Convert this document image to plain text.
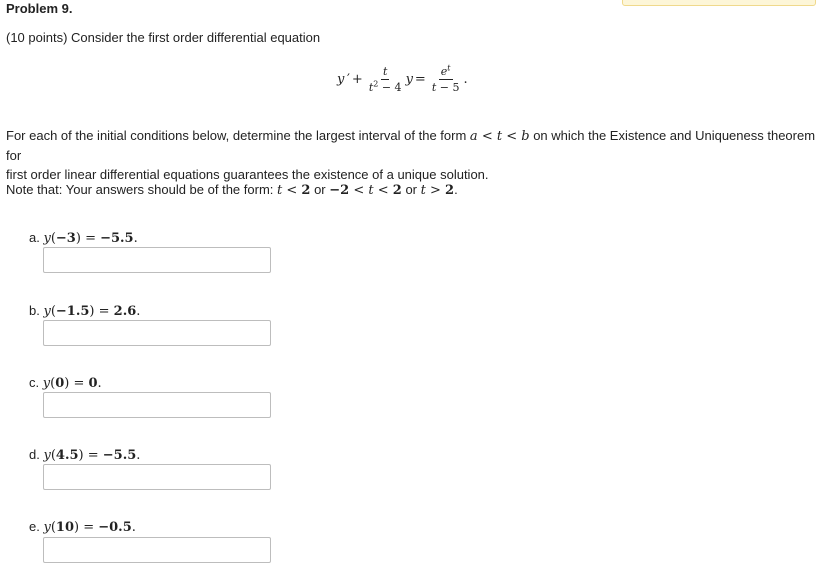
Problem 9.
(10 points) Consider the first order differential equation
y ′ + $\frac{t}{t^2 - 4}$ $y = \frac{e^t}{t - 5}$ .
For each of the initial conditions below, determine the largest interval of the form a < t < b on which the Existence and Uniqueness theorem for
first order linear differential equations guarantees the existence of a unique solution.
Note that: Your answers should be of the form: t < 2 or −2 < t < 2 or t > 2.
a. y(−3) = −5.5.
b. y(−1.5) = 2.6.
c. y(0) = 0.
d. y(4.5) = −5.5.
e. y(10) = −0.5.
